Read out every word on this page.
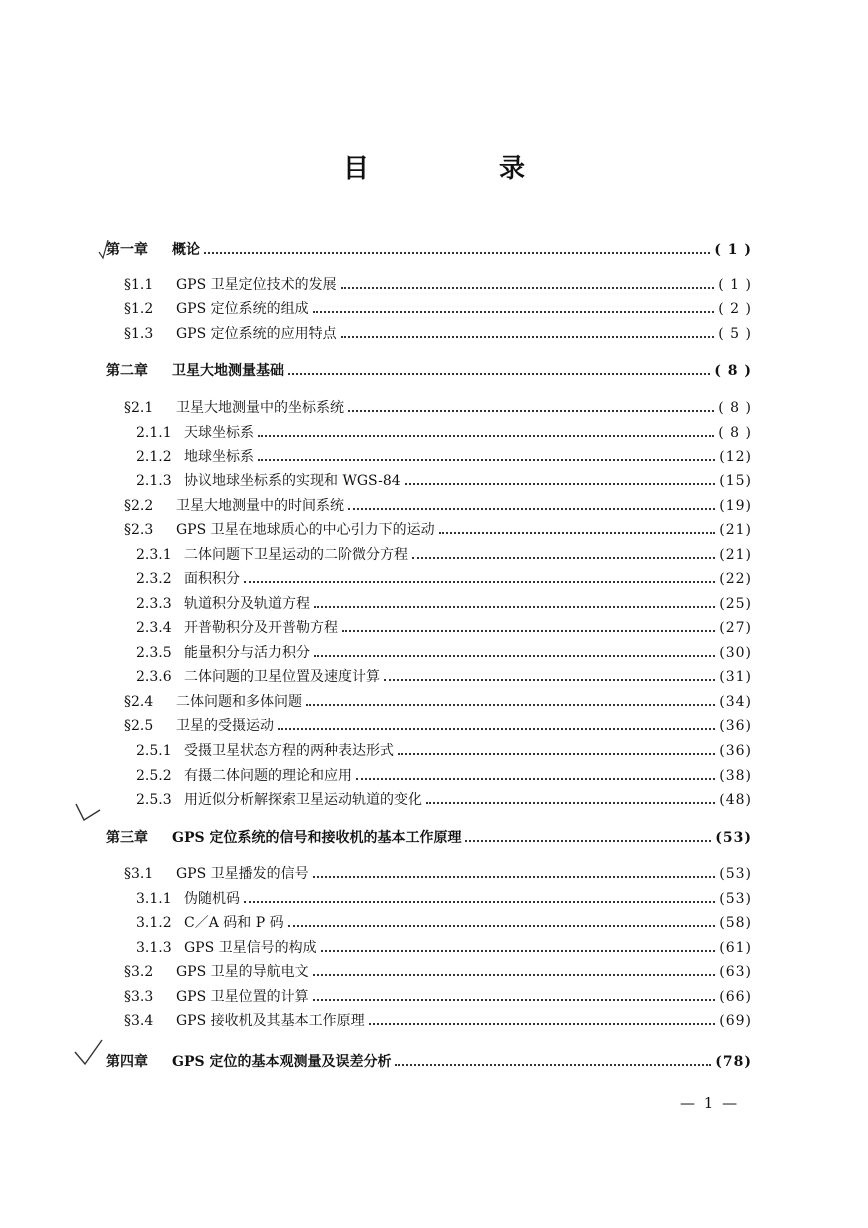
目　录
第一章	概论	( 1 )
§1.1	GPS 卫星定位技术的发展	( 1 )
§1.2	GPS 定位系统的组成	( 2 )
§1.3	GPS 定位系统的应用特点	( 5 )
第二章	卫星大地测量基础	( 8 )
§2.1	卫星大地测量中的坐标系统	( 8 )
2.1.1 天球坐标系	( 8 )
2.1.2 地球坐标系	(12)
2.1.3 协议地球坐标系的实现和 WGS-84	(15)
§2.2	卫星大地测量中的时间系统	(19)
§2.3	GPS 卫星在地球质心的中心引力下的运动	(21)
2.3.1 二体问题下卫星运动的二阶微分方程	(21)
2.3.2 面积积分	(22)
2.3.3 轨道积分及轨道方程	(25)
2.3.4 开普勒积分及开普勒方程	(27)
2.3.5 能量积分与活力积分	(30)
2.3.6 二体问题的卫星位置及速度计算	(31)
§2.4	二体问题和多体问题	(34)
§2.5	卫星的受摄运动	(36)
2.5.1 受摄卫星状态方程的两种表达形式	(36)
2.5.2 有摄二体问题的理论和应用	(38)
2.5.3 用近似分析解探索卫星运动轨道的变化	(48)
第三章	GPS 定位系统的信号和接收机的基本工作原理	(53)
§3.1	GPS 卫星播发的信号	(53)
3.1.1 伪随机码	(53)
3.1.2 C／A 码和 P 码	(58)
3.1.3 GPS 卫星信号的构成	(61)
§3.2	GPS 卫星的导航电文	(63)
§3.3	GPS 卫星位置的计算	(66)
§3.4	GPS 接收机及其基本工作原理	(69)
第四章	GPS 定位的基本观测量及误差分析	(78)
— 1 —
